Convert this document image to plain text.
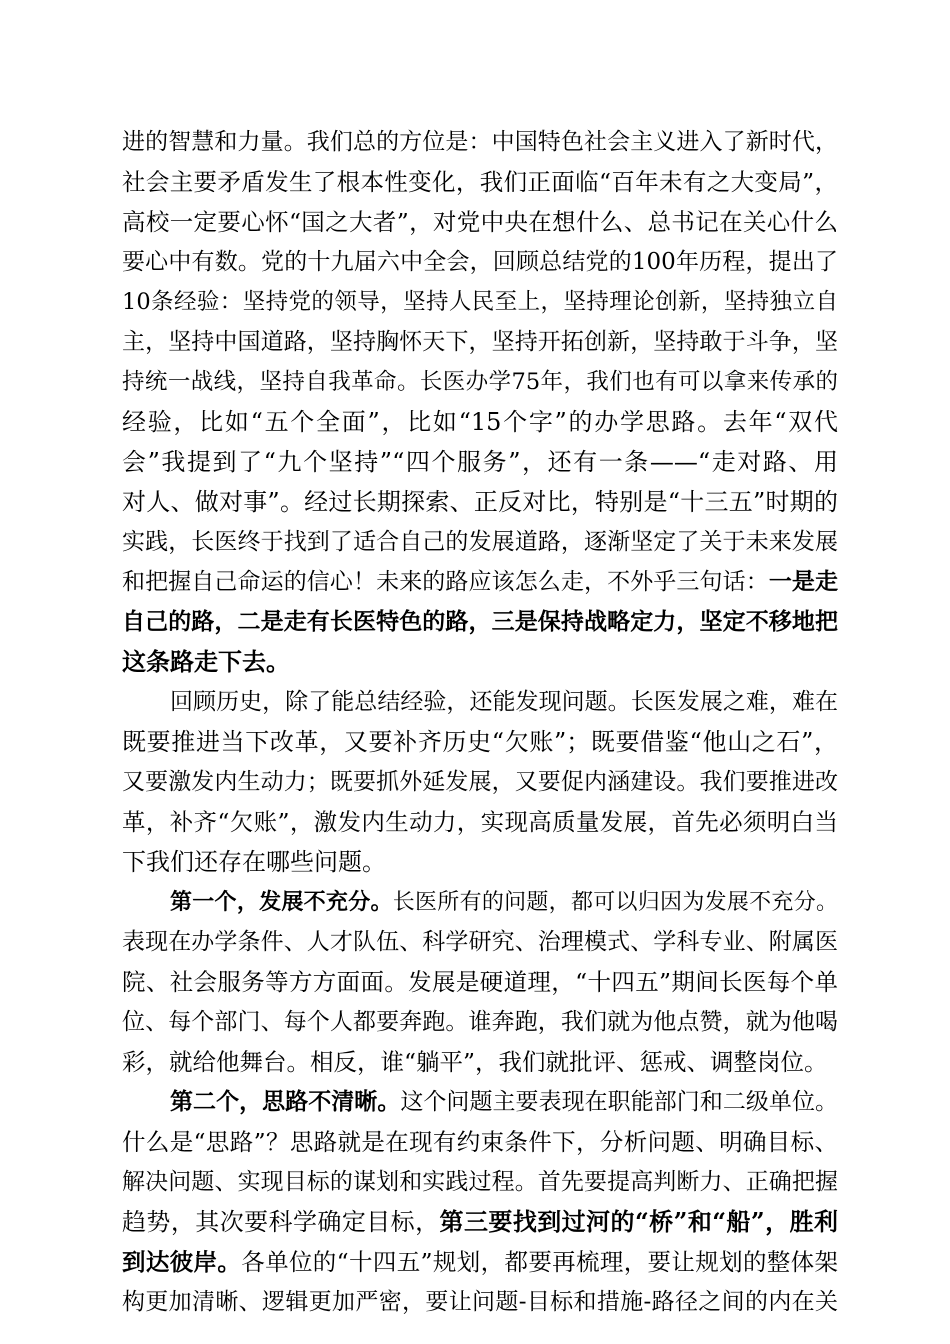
进的智慧和力量。我们总的方位是：中国特色社会主义进入了新时代，
社会主要矛盾发生了根本性变化，我们正面临“百年未有之大变局”，
高校一定要心怀“国之大者”，对党中央在想什么、总书记在关心什么
要心中有数。党的十九届六中全会，回顾总结党的100年历程，提出了
10条经验：坚持党的领导，坚持人民至上，坚持理论创新，坚持独立自
主，坚持中国道路，坚持胸怀天下，坚持开拓创新，坚持敢于斗争，坚
持统一战线，坚持自我革命。长医办学75年，我们也有可以拿来传承的
经验，比如“五个全面”，比如“15个字”的办学思路。去年“双代
会”我提到了“九个坚持”“四个服务”，还有一条——“走对路、用
对人、做对事”。经过长期探索、正反对比，特别是“十三五”时期的
实践，长医终于找到了适合自己的发展道路，逐渐坚定了关于未来发展
和把握自己命运的信心！未来的路应该怎么走，不外乎三句话：一是走
自己的路，二是走有长医特色的路，三是保持战略定力，坚定不移地把
这条路走下去。
回顾历史，除了能总结经验，还能发现问题。长医发展之难，难在
既要推进当下改革，又要补齐历史“欠账”；既要借鉴“他山之石”，
又要激发内生动力；既要抓外延发展，又要促内涵建设。我们要推进改
革，补齐“欠账”，激发内生动力，实现高质量发展，首先必须明白当
下我们还存在哪些问题。
第一个，发展不充分。长医所有的问题，都可以归因为发展不充分。
表现在办学条件、人才队伍、科学研究、治理模式、学科专业、附属医
院、社会服务等方方面面。发展是硬道理，“十四五”期间长医每个单
位、每个部门、每个人都要奔跑。谁奔跑，我们就为他点赞，就为他喝
彩，就给他舞台。相反，谁“躺平”，我们就批评、惩戒、调整岗位。
第二个，思路不清晰。这个问题主要表现在职能部门和二级单位。
什么是“思路”？思路就是在现有约束条件下，分析问题、明确目标、
解决问题、实现目标的谋划和实践过程。首先要提高判断力、正确把握
趋势，其次要科学确定目标，第三要找到过河的“桥”和“船”，胜利
到达彼岸。各单位的“十四五”规划，都要再梳理，要让规划的整体架
构更加清晰、逻辑更加严密，要让问题-目标和措施-路径之间的内在关
